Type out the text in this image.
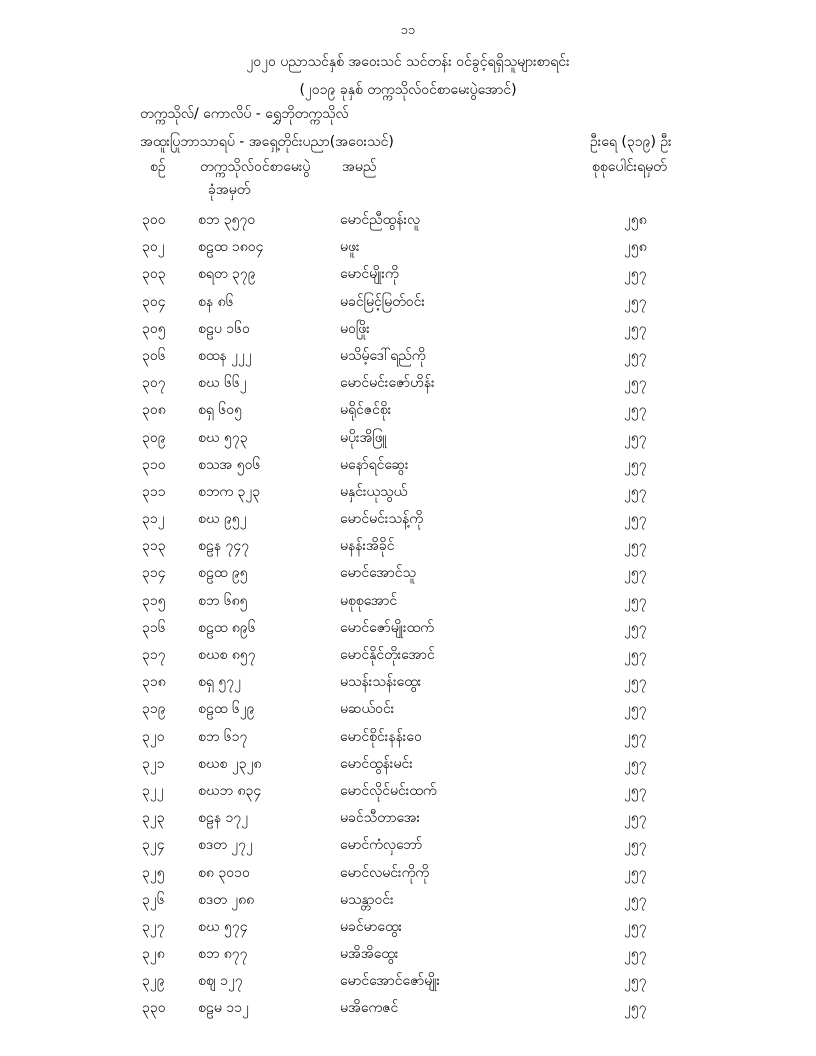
၁၁
၂၀၂၀ ပညာသင်နှစ် အဝေးသင် သင်တန်း ဝင်ခွင့်ရရှိသူများစာရင်း
(၂၀၁၉ ခုနှစ် တက္ကသိုလ်ဝင်စာမေးပွဲအောင်)
တက္ကသိုလ်/ ကောလိပ် - ရွှေဘိုတက္ကသိုလ်
အထူးပြုဘာသာရပ် - အရှေ့တိုင်းပညာ(အဝေးသင်)	ဦးရေ (၃၁၉) ဦး
စဉ် တက္ကသိုလ်ဝင်စာမေးပွဲ
ခုံအမှတ်
အမည်	စုစုပေါင်းရမှတ်
၃၀၀ စဘ ၃၅၇၀	မောင်ညီထွန်းလူ	၂၅၈
၃၀၂ စဠထ ၁၈၀၄	မဖူး	၂၅၈
၃၀၃ စရတ ၃၇၉	မောင်မျိုးကို	၂၅၇
၃၀၄ စန ၈၆	မခင်မြင့်မြတ်ဝင်း	၂၅၇
၃၀၅ စဠပ ၁၆၀	မဝဖြိုး	၂၅၇
၃၀၆ စထန ၂၂၂	မသိမ့်ဒေါ်ရည်ကို	၂၅၇
၃၀၇ စဃ ၆၆၂	မောင်မင်းဇော်ဟိန်း	၂၅၇
၃၀၈ စရှ ၆၀၅	မရိုင်ဇင်စိုး	၂၅၇
၃၀၉ စဃ ၅၇၃	မပိုးအိဖြူ	၂၅၇
၃၁၀ စသအ ၅၀၆	မနော်ရင်ဆွေး	၂၅၇
၃၁၁ စဘက ၃၂၃	မနှင်းယုသွယ်	၂၅၇
၃၁၂ စဃ ၉၅၂	မောင်မင်းသန့်ကို	၂၅၇
၃၁၃ စဠန ၇၄၇	မနန်းအိခိုင်	၂၅၇
၃၁၄ စဠထ ၉၅	မောင်အောင်သူ	၂၅၇
၃၁၅ စဘ ၆၈၅	မစုစုအောင်	၂၅၇
၃၁၆ စဠထ ၈၉၆	မောင်ဇော်မျိုးထက်	၂၅၇
၃၁၇ စဃစ ၈၅၇	မောင်နိုင်တိုးအောင်	၂၅၇
၃၁၈ စရှ ၅၇၂	မသန်းသန်းထွေး	၂၅၇
၃၁၉ စဠထ ၆၂၉	မဆယ်ဝင်း	၂၅၇
၃၂၀ စဘ ၆၁၇	မောင်စိုင်းနန်းဝေ	၂၅၇
၃၂၁ စဃစ ၂၃၂၈	မောင်ထွန်းမင်း	၂၅၇
၃၂၂ စဃဘ ၈၃၄	မောင်လိုင်မင်းထက်	၂၅၇
၃၂၃ စဠန ၁၇၂	မခင်သီတာအေး	၂၅၇
၃၂၄ စဒတ ၂၇၂	မောင်ကံလှဘော်	၂၅၇
၃၂၅ စ၈ ၃၀၁၀	မောင်လမင်းကိုကို	၂၅၇
၃၂၆ စဒတ ၂၈၈	မသန္တာဝင်း	၂၅၇
၃၂၇ စဃ ၅၇၄	မခင်မာထွေး	၂၅၇
၃၂၈ စဘ ၈၇၇	မအိအိထွေး	၂၅၇
၃၂၉ စဈ ၁၂၇	မောင်အောင်ဇော်မျိုး	၂၅၇
၃၃၀ စဠမ ၁၁၂	မအိကေဇင်	၂၅၇
